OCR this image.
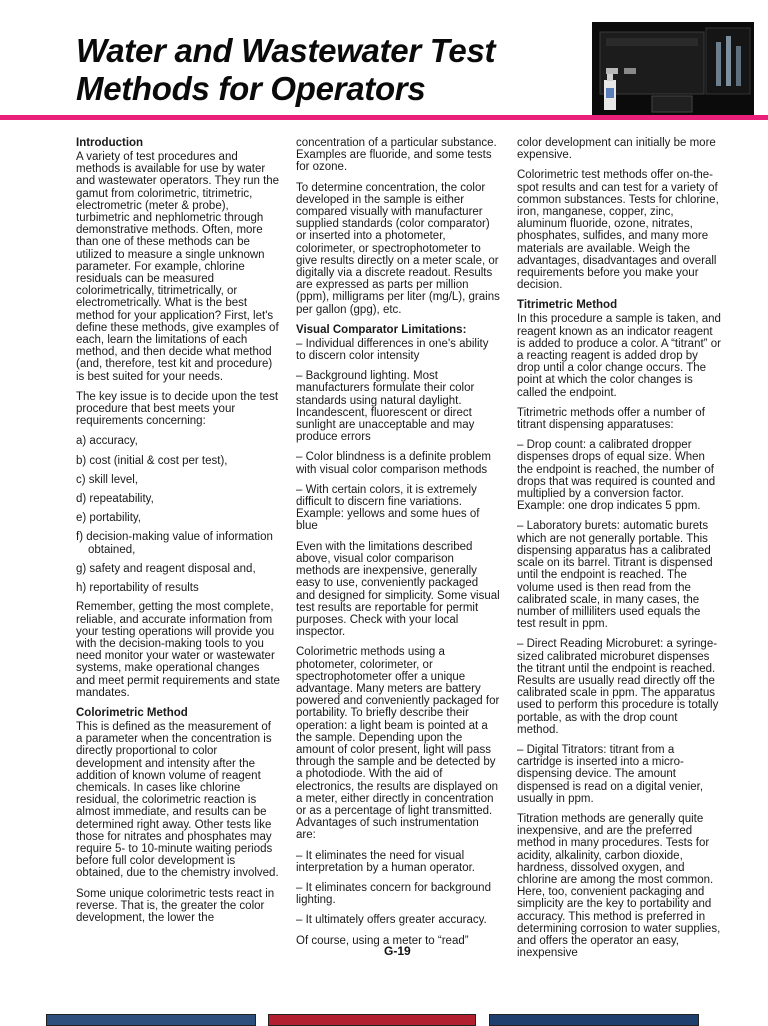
Water and Wastewater Test
Methods for Operators
Introduction

A variety of test procedures and methods is available for use by water and wastewater operators. They run the gamut from colorimetric, titrimetric, electrometric (meter & probe), turbimetric and nephlometric through demonstrative methods. Often, more than one of these methods can be utilized to measure a single unknown parameter. For example, chlorine residuals can be measured colorimetrically, titrimetrically, or electrometrically. What is the best method for your application? First, let's define these methods, give examples of each, learn the limitations of each method, and then decide what method (and, therefore, test kit and procedure) is best suited for your needs.

The key issue is to decide upon the test procedure that best meets your requirements concerning:

a) accuracy,
b) cost (initial & cost per test),
c) skill level,
d) repeatability,
e) portability,
f) decision-making value of information obtained,
g) safety and reagent disposal and,
h) reportability of results

Remember, getting the most complete, reliable, and accurate information from your testing operations will provide you with the decision-making tools to you need monitor your water or wastewater systems, make operational changes and meet permit requirements and state mandates.

Colorimetric Method

This is defined as the measurement of a parameter when the concentration is directly proportional to color development and intensity after the addition of known volume of reagent chemicals. In cases like chlorine residual, the colorimetric reaction is almost immediate, and results can be determined right away. Other tests like those for nitrates and phosphates may require 5- to 10-minute waiting periods before full color development is obtained, due to the chemistry involved.

Some unique colorimetric tests react in reverse. That is, the greater the color development, the lower the

concentration of a particular substance. Examples are fluoride, and some tests for ozone.

To determine concentration, the color developed in the sample is either compared visually with manufacturer supplied standards (color comparator) or inserted into a photometer, colorimeter, or spectrophotometer to give results directly on a meter scale, or digitally via a discrete readout. Results are expressed as parts per million (ppm), milligrams per liter (mg/L), grains per gallon (gpg), etc.

Visual Comparator Limitations:

– Individual differences in one's ability to discern color intensity

– Background lighting. Most manufacturers formulate their color standards using natural daylight. Incandescent, fluorescent or direct sunlight are unacceptable and may produce errors

– Color blindness is a definite problem with visual color comparison methods

– With certain colors, it is extremely difficult to discern fine variations. Example: yellows and some hues of blue

Even with the limitations described above, visual color comparison methods are inexpensive, generally easy to use, conveniently packaged and designed for simplicity. Some visual test results are reportable for permit purposes. Check with your local inspector.

Colorimetric methods using a photometer, colorimeter, or spectrophotometer offer a unique advantage. Many meters are battery powered and conveniently packaged for portability. To briefly describe their operation: a light beam is pointed at a the sample. Depending upon the amount of color present, light will pass through the sample and be detected by a photodiode. With the aid of electronics, the results are displayed on a meter, either directly in concentration or as a percentage of light transmitted. Advantages of such instrumentation are:

– It eliminates the need for visual interpretation by a human operator.

– It eliminates concern for background lighting.

– It ultimately offers greater accuracy.

Of course, using a meter to “read”

color development can initially be more expensive.

Colorimetric test methods offer on-the-spot results and can test for a variety of common substances. Tests for chlorine, iron, manganese, copper, zinc, aluminum fluoride, ozone, nitrates, phosphates, sulfides, and many more materials are available. Weigh the advantages, disadvantages and overall requirements before you make your decision.

Titrimetric Method

In this procedure a sample is taken, and reagent known as an indicator reagent is added to produce a color. A “titrant” or a reacting reagent is added drop by drop until a color change occurs. The point at which the color changes is called the endpoint.

Titrimetric methods offer a number of titrant dispensing apparatuses:

– Drop count: a calibrated dropper dispenses drops of equal size. When the endpoint is reached, the number of drops that was required is counted and multiplied by a conversion factor. Example: one drop indicates 5 ppm.

– Laboratory burets: automatic burets which are not generally portable. This dispensing apparatus has a calibrated scale on its barrel. Titrant is dispensed until the endpoint is reached. The volume used is then read from the calibrated scale, in many cases, the number of milliliters used equals the test result in ppm.

– Direct Reading Microburet: a syringe-sized calibrated microburet dispenses the titrant until the endpoint is reached. Results are usually read directly off the calibrated scale in ppm. The apparatus used to perform this procedure is totally portable, as with the drop count method.

– Digital Titrators: titrant from a cartridge is inserted into a micro-dispensing device. The amount dispensed is read on a digital venier, usually in ppm.

Titration methods are generally quite inexpensive, and are the preferred method in many procedures. Tests for acidity, alkalinity, carbon dioxide, hardness, dissolved oxygen, and chlorine are among the most common. Here, too, convenient packaging and simplicity are the key to portability and accuracy. This method is preferred in determining corrosion to water supplies, and offers the operator an easy, inexpensive

G-19
